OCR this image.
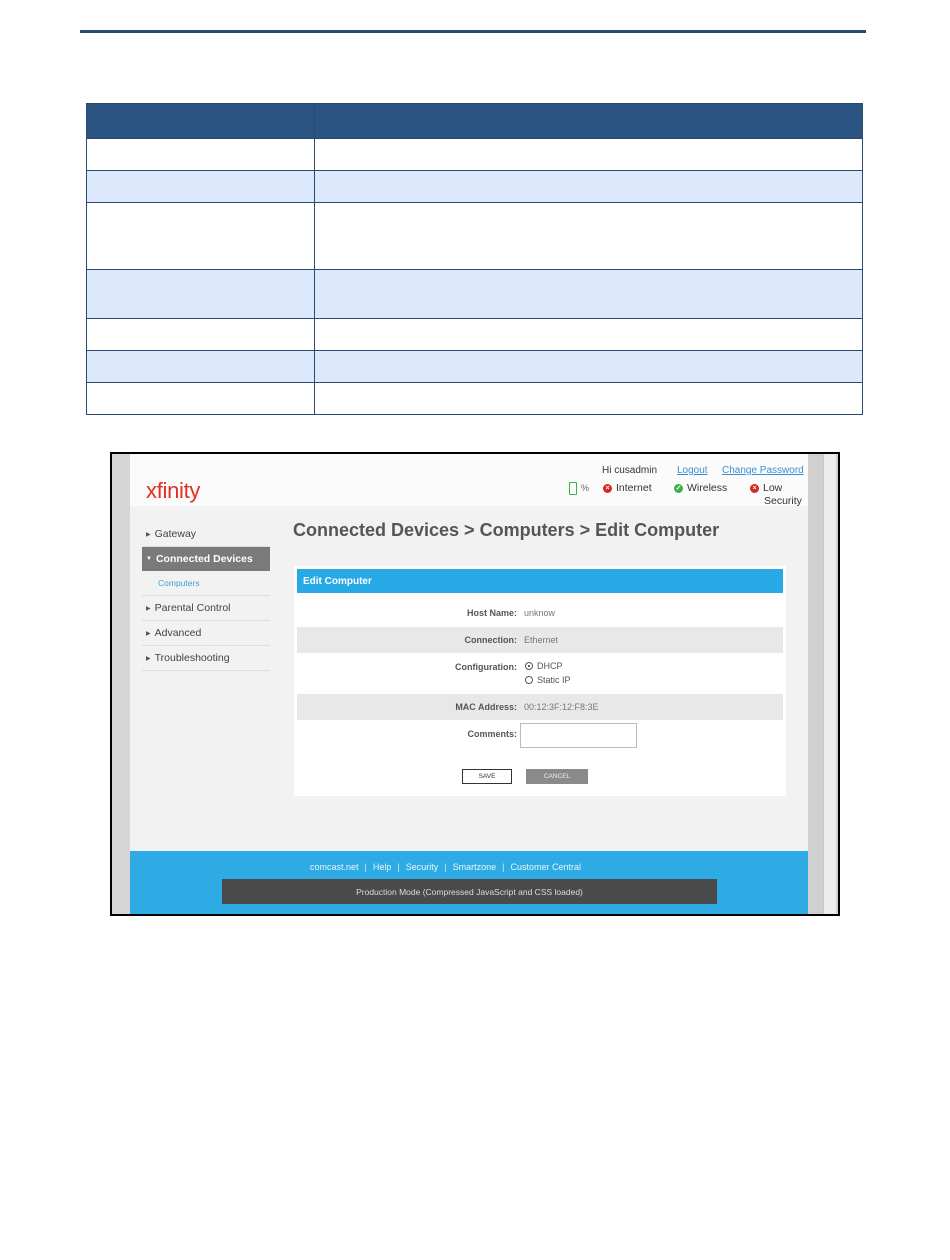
xfinity
Hi cusadmin Logout Change Password
%	× Internet	✓ Wireless	× Low
Security
▶ Gateway
▼ Connected Devices
Computers
▶ Parental Control
▶ Advanced
▶ Troubleshooting
Connected Devices > Computers > Edit Computer
Edit Computer
Host Name: unknow
Connection: Ethernet
Configuration: DHCP
Static IP
MAC Address: 00:12:3F:12:F8:3E
Comments:
SAVE	CANCEL
comcast.net | Help | Security | Smartzone | Customer Central
Production Mode (Compressed JavaScript and CSS loaded)
